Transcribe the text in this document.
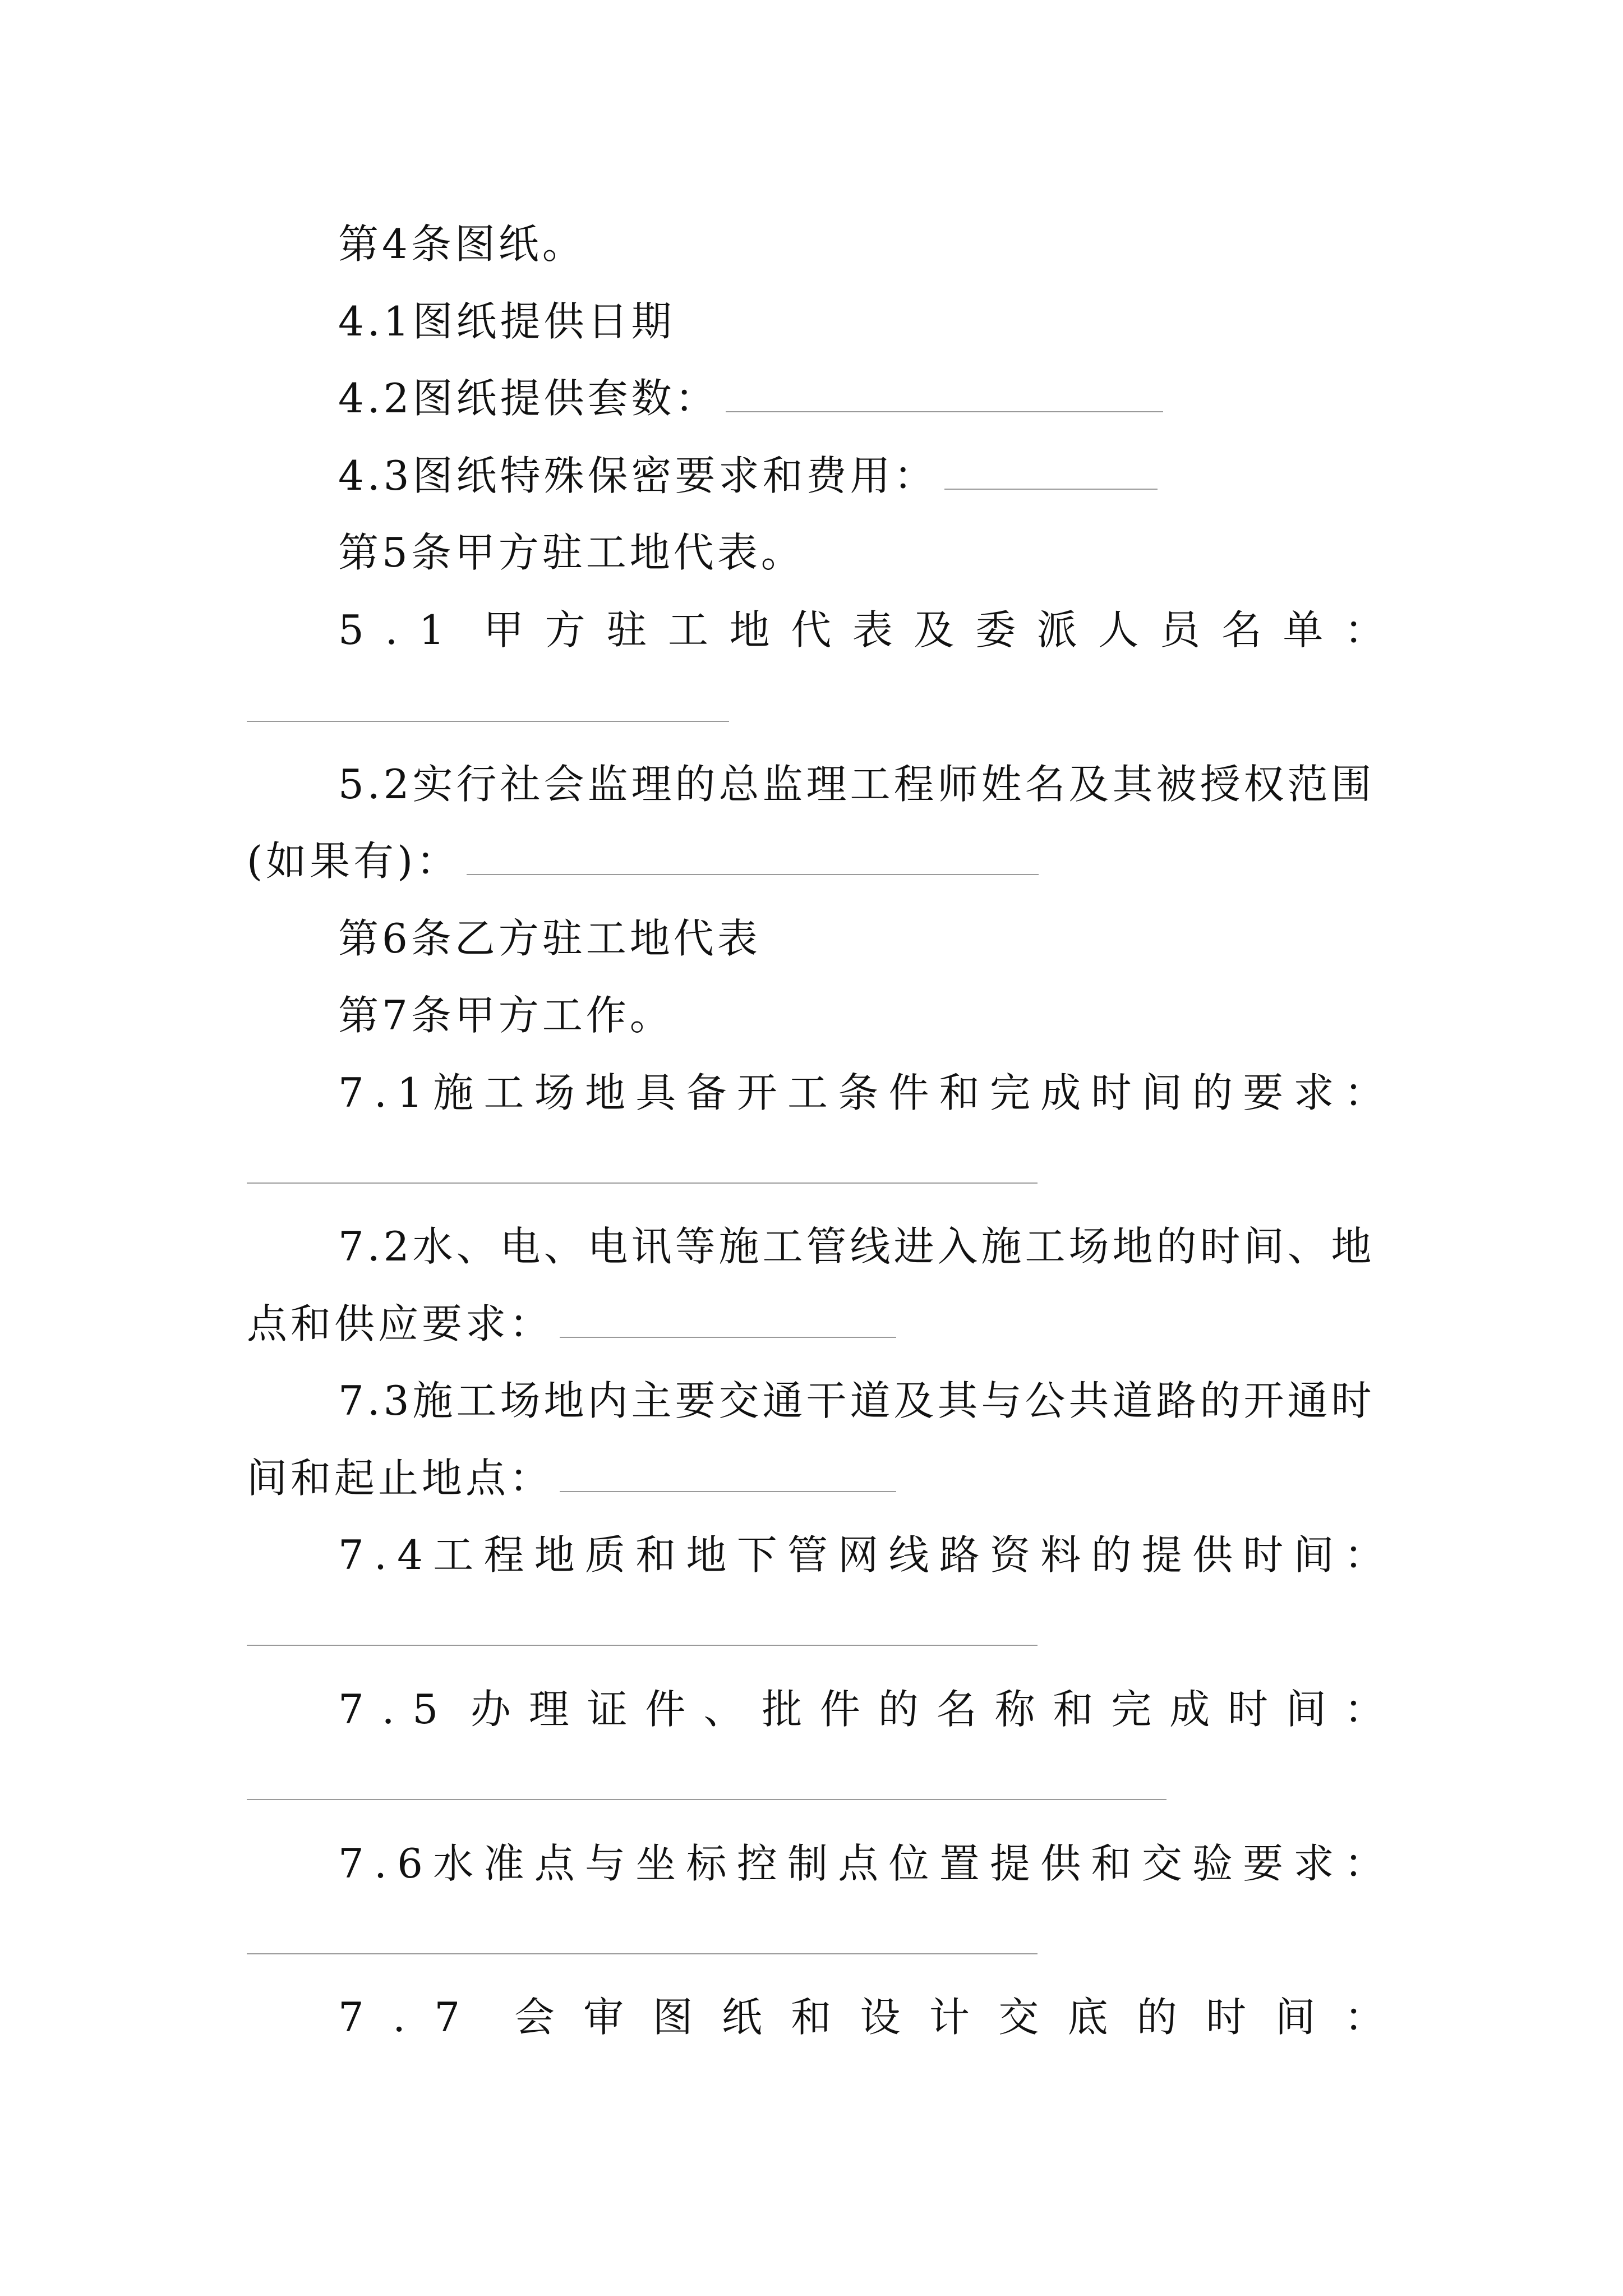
第4条图纸。
4.1图纸提供日期
4.2图纸提供套数：
4.3图纸特殊保密要求和费用：
第5条甲方驻工地代表。
5 . 1 甲 方 驻 工 地 代 表 及 委 派 人 员 名 单 ：
5.2实行社会监理的总监理工程师姓名及其被授权范围
(如果有)：
第6条乙方驻工地代表
第7条甲方工作。
7 . 1 施 工 场 地 具 备 开 工 条 件 和 完 成 时 间 的 要 求 ：
7.2水、电、电讯等施工管线进入施工场地的时间、地
点和供应要求：
7.3施工场地内主要交通干道及其与公共道路的开通时
间和起止地点：
7 . 4 工 程 地 质 和 地 下 管 网 线 路 资 料 的 提 供 时 间 ：
7 . 5 办 理 证 件 、 批 件 的 名 称 和 完 成 时 间 ：
7 . 6 水 准 点 与 坐 标 控 制 点 位 置 提 供 和 交 验 要 求 ：
7 . 7 会 审 图 纸 和 设 计 交 底 的 时 间 ：
